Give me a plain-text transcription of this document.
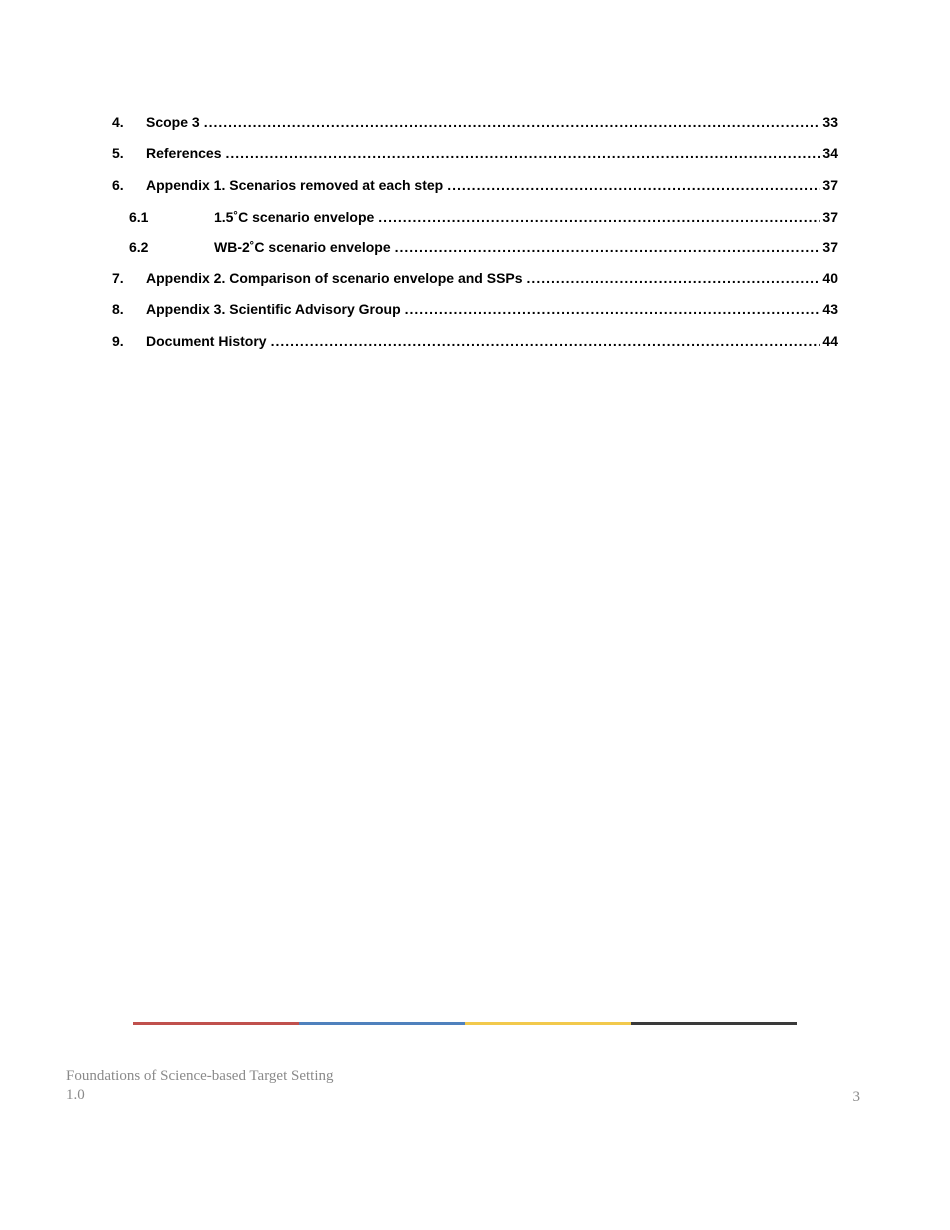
4.	Scope 3 .....	33
5.	References .....	34
6.	Appendix 1. Scenarios removed at each step .....	37
6.1	1.5˚C scenario envelope .....	37
6.2	WB-2˚C scenario envelope .....	37
7.	Appendix 2. Comparison of scenario envelope and SSPs .....	40
8.	Appendix 3. Scientific Advisory Group .....	43
9.	Document History .....	44
Foundations of Science-based Target Setting
1.0	3
